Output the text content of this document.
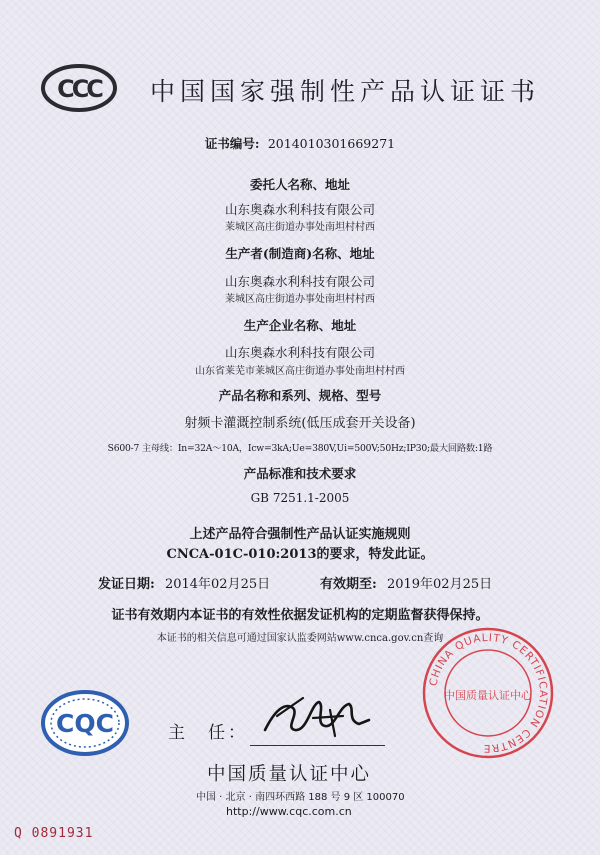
CCC 中国国家强制性产品认证证书
证书编号: 2014010301669271
委托人名称、地址
山东奥森水利科技有限公司
莱城区高庄街道办事处南坦村村西
生产者(制造商)名称、地址
山东奥森水利科技有限公司
莱城区高庄街道办事处南坦村村西
生产企业名称、地址
山东奥森水利科技有限公司
山东省莱芜市莱城区高庄街道办事处南坦村村西
产品名称和系列、规格、型号
射频卡灌溉控制系统(低压成套开关设备)
S600-7 主母线：In=32A～10A，Icw=3kA;Ue=380V,Ui=500V;50Hz;IP30;最大回路数:1路
产品标准和技术要求
GB 7251.1-2005
上述产品符合强制性产品认证实施规则
CNCA-01C-010:2013的要求，特发此证。
发证日期: 2014年02月25日	有效期至: 2019年02月25日
证书有效期内本证书的有效性依据发证机构的定期监督获得保持。
本证书的相关信息可通过国家认监委网站www.cnca.gov.cn查询
CQC	主　任：
CHINA QUALITY CERTIFICATION CENTRE
中国质量认证中心
中国质量认证中心
中国 · 北京 · 南四环西路 188 号 9 区 100070
http://www.cqc.com.cn
Q 0891931
